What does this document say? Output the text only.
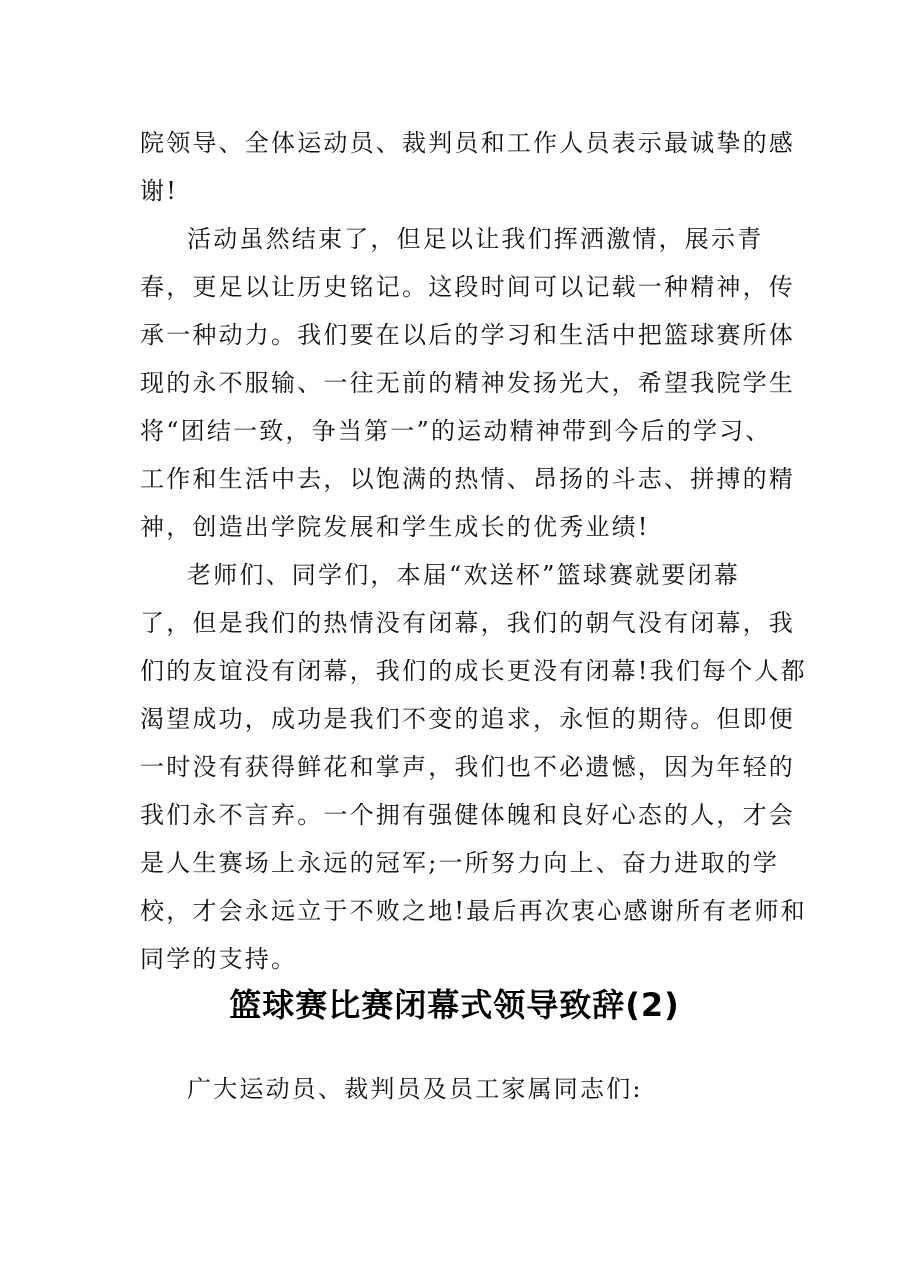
院领导、全体运动员、裁判员和工作人员表示最诚挚的感
谢!
活动虽然结束了，但足以让我们挥洒激情，展示青
春，更足以让历史铭记。这段时间可以记载一种精神，传
承一种动力。我们要在以后的学习和生活中把篮球赛所体
现的永不服输、一往无前的精神发扬光大，希望我院学生
将“团结一致，争当第一”的运动精神带到今后的学习、
工作和生活中去，以饱满的热情、昂扬的斗志、拼搏的精
神，创造出学院发展和学生成长的优秀业绩!
老师们、同学们，本届“欢送杯”篮球赛就要闭幕
了，但是我们的热情没有闭幕，我们的朝气没有闭幕，我
们的友谊没有闭幕，我们的成长更没有闭幕!我们每个人都
渴望成功，成功是我们不变的追求，永恒的期待。但即便
一时没有获得鲜花和掌声，我们也不必遗憾，因为年轻的
我们永不言弃。一个拥有强健体魄和良好心态的人，才会
是人生赛场上永远的冠军;一所努力向上、奋力进取的学
校，才会永远立于不败之地!最后再次衷心感谢所有老师和
同学的支持。
篮球赛比赛闭幕式领导致辞(2)
广大运动员、裁判员及员工家属同志们:
